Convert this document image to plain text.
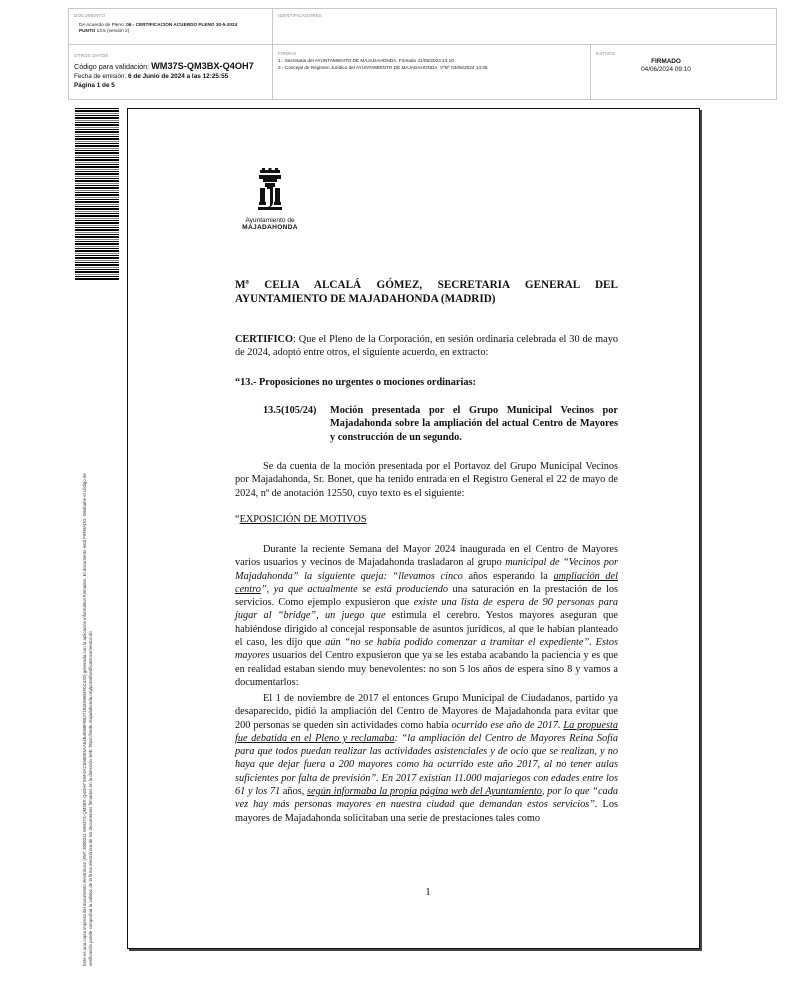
DOCUMENTO
DA Acuerdo de Pleno: 06.- CERTIFICACION ACUERDO PLENO 30-5-2024
PUNTO 13.5 (versión 2)
IDENTIFICADORES
OTROS DATOS
Código para validación: WM37S-QM3BX-Q4OH7
Fecha de emisión: 6 de Junio de 2024 a las 12:25:55
Página 1 de 5
FIRMAS
1.- Secretaria del AYUNTAMIENTO DE MAJADAHONDA. Firmado 31/05/2024 13:10
2.- Concejal de Régimen Jurídico del AYUNTAMIENTO DE MAJADAHONDA. VºBº 03/06/2024 14:35
ESTADO
FIRMADO
04/06/2024 09:10
Este es una copia impresa del documento electrónico (Ref: 3080311 WM37S-QM3BX-Q4OH7 E6F4AC5950E5AA54B4EB8FB5271B2D86B4F0C432) generada con la aplicación informática Firmadoc. El documento está FIRMADO. Mediante el código de verificación puede comprobar la validez de la firma electrónica de los documentos firmados en la dirección web: https://sede.majadahonda.org/portal/verificaDocumentos.do
Ayuntamiento de
MAJADAHONDA
Mª CELIA ALCALÁ GÓMEZ, SECRETARIA GENERAL DEL AYUNTAMIENTO DE MAJADAHONDA (MADRID)
CERTIFICO: Que el Pleno de la Corporación, en sesión ordinaria celebrada el 30 de mayo de 2024, adoptó entre otros, el siguiente acuerdo, en extracto:
“13.- Proposiciones no urgentes o mociones ordinarias:
13.5(105/24) Moción presentada por el Grupo Municipal Vecinos por Majadahonda sobre la ampliación del actual Centro de Mayores y construcción de un segundo.
Se da cuenta de la moción presentada por el Portavoz del Grupo Municipal Vecinos por Majadahonda, Sr. Bonet, que ha tenido entrada en el Registro General el 22 de mayo de 2024, nº de anotación 12550, cuyo texto es el siguiente:
“EXPOSICIÓN DE MOTIVOS
Durante la reciente Semana del Mayor 2024 inaugurada en el Centro de Mayores varios usuarios y vecinos de Majadahonda trasladaron al grupo municipal de “Vecinos por Majadahonda” la siguiente queja: “llevamos cinco años esperando la ampliación del centro”, ya que actualmente se está produciendo una saturación en la prestación de los servicios. Como ejemplo expusieron que existe una lista de espera de 90 personas para jugar al “bridge”, un juego que estimula el cerebro. Yestos mayores aseguran que habiéndose dirigido al concejal responsable de asuntos jurídicos, al que le habían planteado el caso, les dijo que aún “no se había podido comenzar a tramitar el expediente”. Estos mayores usuarios del Centro expusieron que ya se les estaba acabando la paciencia y es que en realidad estaban siendo muy benevolentes: no son 5 los años de espera sino 8 y vamos a documentarlos:
El 1 de noviembre de 2017 el entonces Grupo Municipal de Ciudadanos, partido ya desaparecido, pidió la ampliación del Centro de Mayores de Majadahonda para evitar que 200 personas se queden sin actividades como había ocurrido ese año de 2017. La propuesta fue debatida en el Pleno y reclamaba: “la ampliación del Centro de Mayores Reina Sofía para que todos puedan realizar las actividades asistenciales y de ocio que se realizan, y no haya que dejar fuera a 200 mayores como ha ocurrido este año 2017, al no tener aulas suficientes por falta de previsión”. En 2017 existían 11.000 majariegos con edades entre los 61 y los 71 años, según informaba la propia página web del Ayuntamiento, por lo que “cada vez hay más personas mayores en nuestra ciudad que demandan estos servicios”. Los mayores de Majadahonda solicitaban una serie de prestaciones tales como
1
